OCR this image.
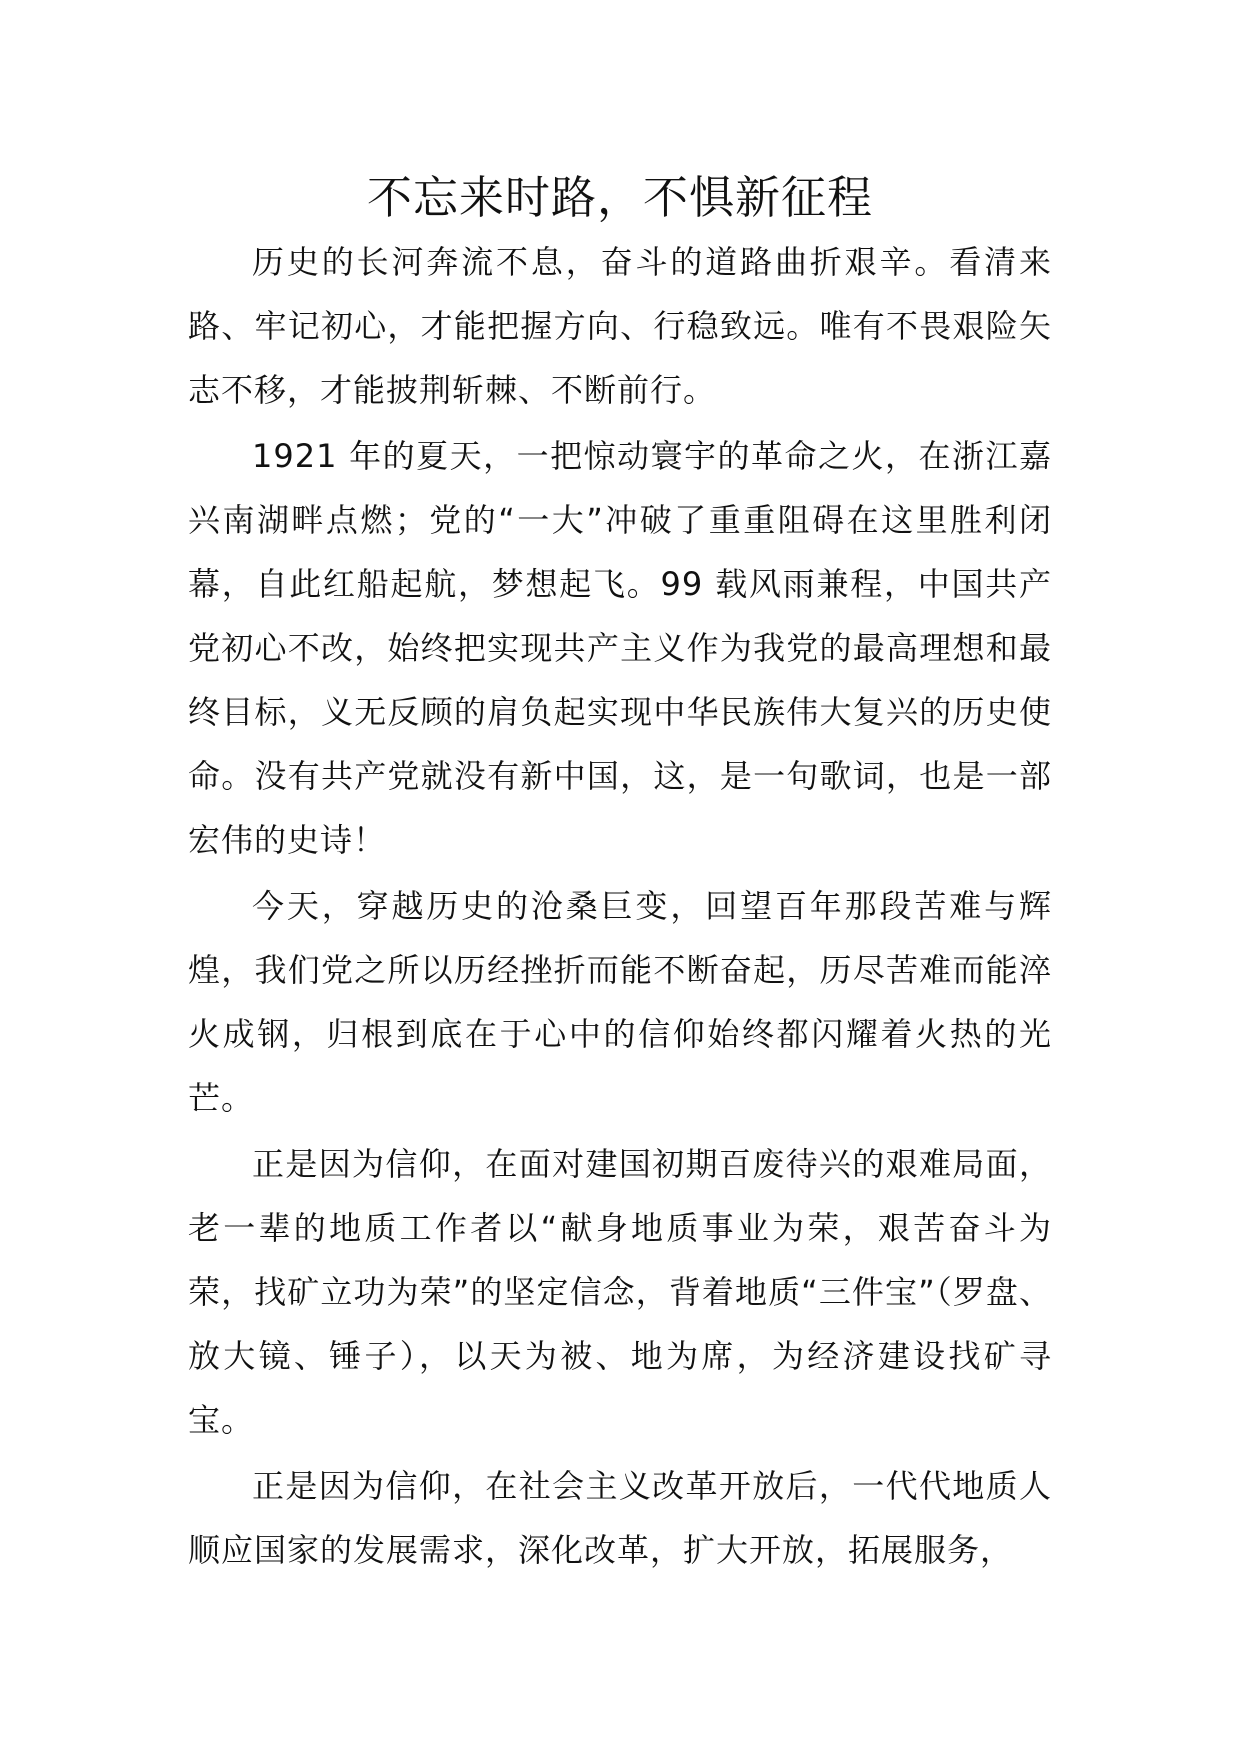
不忘来时路，不惧新征程

历史的长河奔流不息，奋斗的道路曲折艰辛。看清来路、牢记初心，才能把握方向、行稳致远。唯有不畏艰险矢志不移，才能披荆斩棘、不断前行。

1921 年的夏天，一把惊动寰宇的革命之火，在浙江嘉兴南湖畔点燃；党的“一大”冲破了重重阻碍在这里胜利闭幕，自此红船起航，梦想起飞。99 载风雨兼程，中国共产党初心不改，始终把实现共产主义作为我党的最高理想和最终目标，义无反顾的肩负起实现中华民族伟大复兴的历史使命。没有共产党就没有新中国，这，是一句歌词，也是一部宏伟的史诗！

今天，穿越历史的沧桑巨变，回望百年那段苦难与辉煌，我们党之所以历经挫折而能不断奋起，历尽苦难而能淬火成钢，归根到底在于心中的信仰始终都闪耀着火热的光芒。

正是因为信仰，在面对建国初期百废待兴的艰难局面，老一辈的地质工作者以“献身地质事业为荣，艰苦奋斗为荣，找矿立功为荣”的坚定信念，背着地质“三件宝”（罗盘、放大镜、锤子），以天为被、地为席，为经济建设找矿寻宝。

正是因为信仰，在社会主义改革开放后，一代代地质人顺应国家的发展需求，深化改革，扩大开放，拓展服务，
